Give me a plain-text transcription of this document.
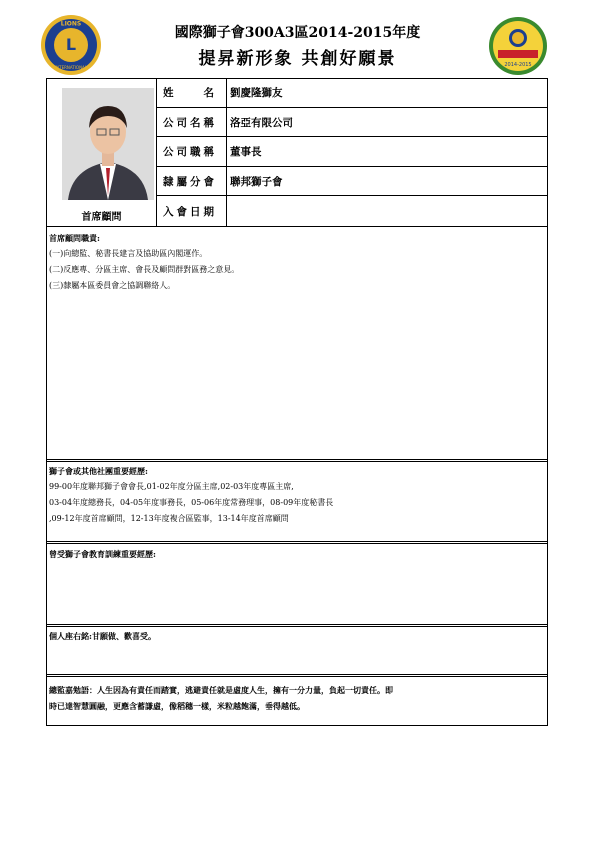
L
LIONS
INTERNATIONAL	2014-2015
國際獅子會300A3區2014-2015年度
提昇新形象 共創好願景
首席顧問
姓　　名	劉慶隆獅友
公司名稱	洛亞有限公司
公司職稱	董事長
隸屬分會	聯邦獅子會
入會日期
首席顧問職責:
(一)向總監、秘書長建言及協助區內閣運作。
(二)反應專、分區主席、會長及顧問群對區務之意見。
(三)隸屬本區委員會之協調聯絡人。
獅子會或其他社團重要經歷:
99-00年度聯邦獅子會會長,01-02年度分區主席,02-03年度專區主席,
03-04年度總務長，04-05年度事務長，05-06年度常務理事，08-09年度秘書長
,09-12年度首席顧問，12-13年度複合區監事，13-14年度首席顧問
曾受獅子會教育訓練重要經歷:
個人座右銘:甘願做、歡喜受。
總監嘉勉語：人生因為有責任而踏實，逃避責任就是虛度人生，擁有一分力量，負起一切責任。即
時已達智慧圓融，更應含蓄謙虛，像稻穗一樣，米粒越飽滿，垂得越低。
